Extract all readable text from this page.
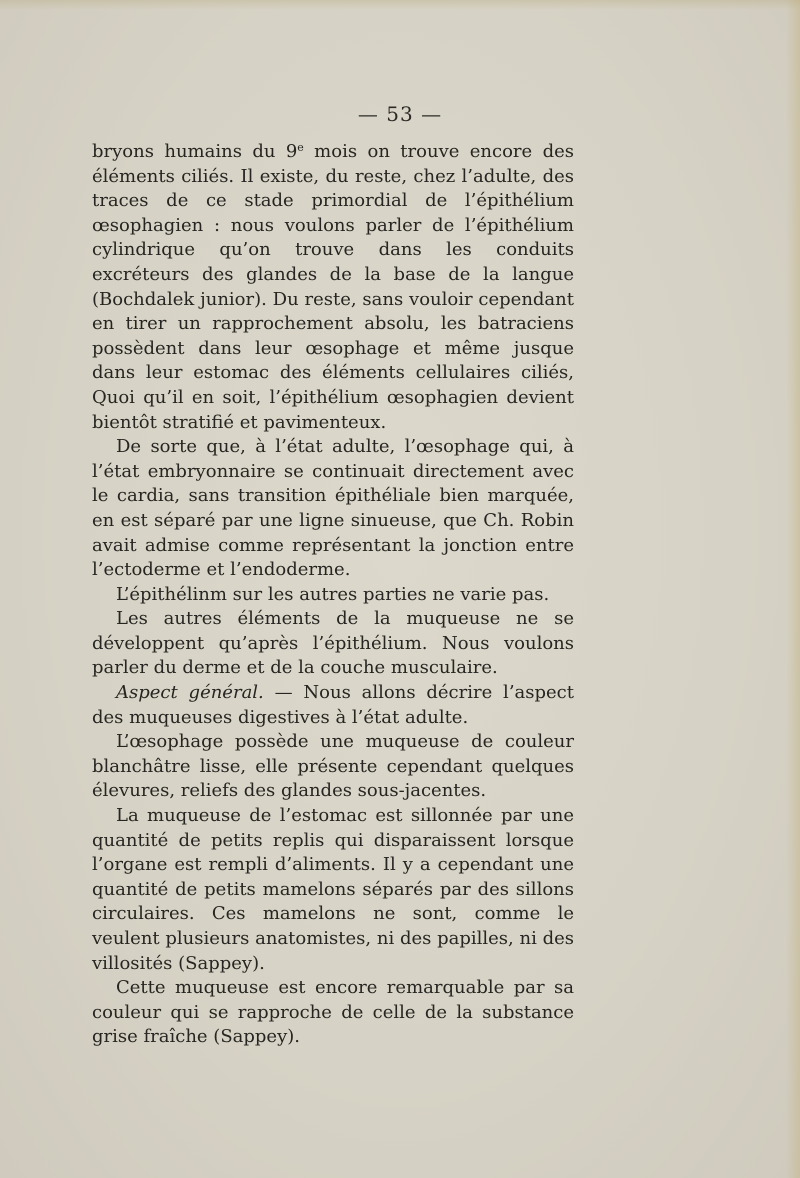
— 53 —

bryons humains du 9e mois on trouve encore des éléments ciliés. Il existe, du reste, chez l’adulte, des traces de ce stade primordial de l’épithélium œsophagien : nous voulons parler de l’épithélium cylindrique qu’on trouve dans les conduits excréteurs des glandes de la base de la langue (Bochdalek junior). Du reste, sans vouloir cependant en tirer un rapprochement absolu, les batraciens possèdent dans leur œsophage et même jusque dans leur estomac des éléments cellulaires ciliés, Quoi qu’il en soit, l’épithélium œsophagien devient bientôt stratifié et pavimenteux.

De sorte que, à l’état adulte, l’œsophage qui, à l’état embryonnaire se continuait directement avec le cardia, sans transition épithéliale bien marquée, en est séparé par une ligne sinueuse, que Ch. Robin avait admise comme représentant la jonction entre l’ectoderme et l’endoderme.

L’épithélinm sur les autres parties ne varie pas.

Les autres éléments de la muqueuse ne se développent qu’après l’épithélium. Nous voulons parler du derme et de la couche musculaire.

Aspect général. — Nous allons décrire l’aspect des muqueuses digestives à l’état adulte.

L’œsophage possède une muqueuse de couleur blanchâtre lisse, elle présente cependant quelques élevures, reliefs des glandes sous-jacentes.

La muqueuse de l’estomac est sillonnée par une quantité de petits replis qui disparaissent lorsque l’organe est rempli d’aliments. Il y a cependant une quantité de petits mamelons séparés par des sillons circulaires. Ces mamelons ne sont, comme le veulent plusieurs anatomistes, ni des papilles, ni des villosités (Sappey).

Cette muqueuse est encore remarquable par sa couleur qui se rapproche de celle de la substance grise fraîche (Sappey).
